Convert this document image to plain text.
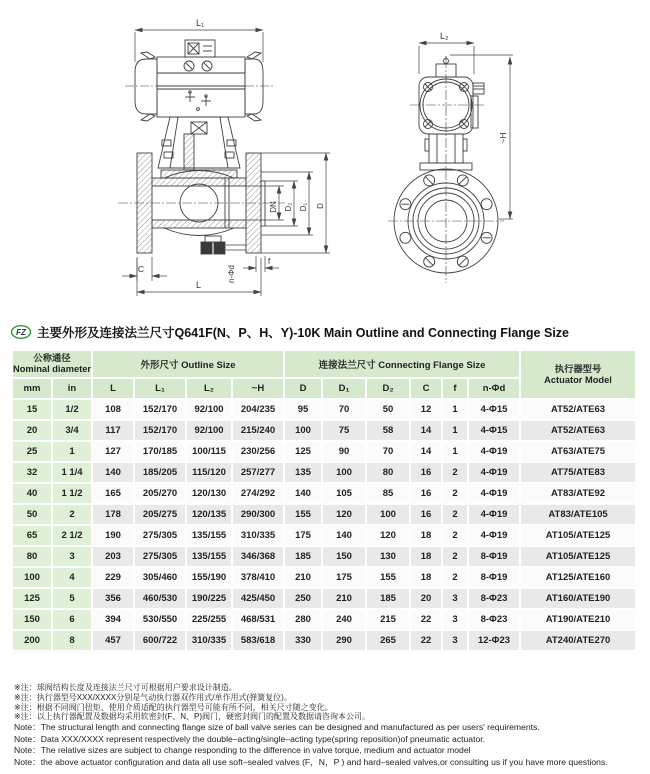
L₁
DN D₂ D₁ D
C
f
n-Φd
L
L₂
~H
FZ 主要外形及连接法兰尺寸Q641F(N、P、H、Y)-10K Main Outline and Connecting Flange Size
公称通径
Nominal diameter	外形尺寸 Outline Size	连接法兰尺寸 Connecting Flange Size	执行器型号
Actuator Model

mm	in	L	L₁	L₂	~H	D	D₁	D₂	C	f	n-Φd	
15	1/2	108	152/170	92/100	204/235	95	70	50	12	1	4-Φ15	AT52/ATE63
20	3/4	117	152/170	92/100	215/240	100	75	58	14	1	4-Φ15	AT52/ATE63
25	1	127	170/185	100/115	230/256	125	90	70	14	1	4-Φ19	AT63/ATE75
32	1 1/4	140	185/205	115/120	257/277	135	100	80	16	2	4-Φ19	AT75/ATE83
40	1 1/2	165	205/270	120/130	274/292	140	105	85	16	2	4-Φ19	AT83/ATE92
50	2	178	205/275	120/135	290/300	155	120	100	16	2	4-Φ19	AT83/ATE105
65	2 1/2	190	275/305	135/155	310/335	175	140	120	18	2	4-Φ19	AT105/ATE125
80	3	203	275/305	135/155	346/368	185	150	130	18	2	8-Φ19	AT105/ATE125
100	4	229	305/460	155/190	378/410	210	175	155	18	2	8-Φ19	AT125/ATE160
125	5	356	460/530	190/225	425/450	250	210	185	20	3	8-Φ23	AT160/ATE190
150	6	394	530/550	225/255	468/531	280	240	215	22	3	8-Φ23	AT190/ATE210
200	8	457	600/722	310/335	583/618	330	290	265	22	3	12-Φ23	AT240/ATE270
※注：球阀结构长度及连接法兰尺寸可根据用户要求设计制造。
※注：执行器型号XXX/XXXX分别是气动执行器双作用式/单作用式(弹簧复位)。
※注：根据不同阀门扭矩、使用介质适配的执行器型号可能有所不同，相关尺寸随之变化。
※注：以上执行器配置及数据均采用软密封(F、N、P)阀门，硬密封阀门的配置及数据请咨询本公司。
Note：The structural length and connecting flange size of ball valve series can be designed and manufactured as per users' requirements.
Note：Data XXX/XXXX represent respectively the double–acting/single–acting type(spring reposition)of pneumatic actuator.
Note：The relative sizes are subject to change responding to the difference in valve torque, medium and actuator model
Note：the above actuator configuration and data all use soft–sealed valves (F，N，P ) and hard–sealed valves,or consulting us if you have more questions.
